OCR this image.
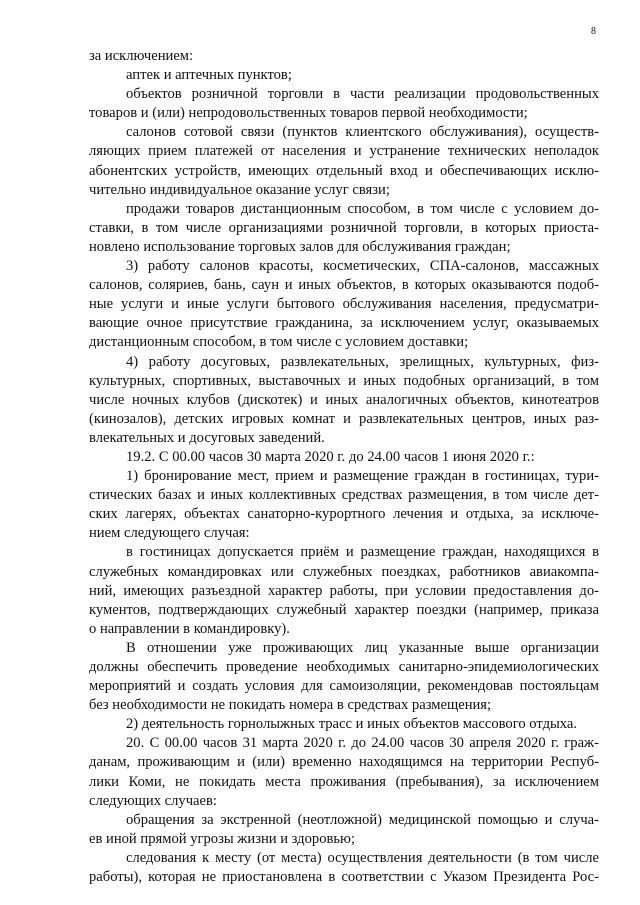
8
за исключением:
аптек и аптечных пунктов;
объектов розничной торговли в части реализации продовольственных
товаров и (или) непродовольственных товаров первой необходимости;
салонов сотовой связи (пунктов клиентского обслуживания), осуществ-
ляющих прием платежей от населения и устранение технических неполадок
абонентских устройств, имеющих отдельный вход и обеспечивающих исклю-
чительно индивидуальное оказание услуг связи;
продажи товаров дистанционным способом, в том числе с условием до-
ставки, в том числе организациями розничной торговли, в которых приоста-
новлено использование торговых залов для обслуживания граждан;
3) работу салонов красоты, косметических, СПА-салонов, массажных
салонов, соляриев, бань, саун и иных объектов, в которых оказываются подоб-
ные услуги и иные услуги бытового обслуживания населения, предусматри-
вающие очное присутствие гражданина, за исключением услуг, оказываемых
дистанционным способом, в том числе с условием доставки;
4) работу досуговых, развлекательных, зрелищных, культурных, физ-
культурных, спортивных, выставочных и иных подобных организаций, в том
числе ночных клубов (дискотек) и иных аналогичных объектов, кинотеатров
(кинозалов), детских игровых комнат и развлекательных центров, иных раз-
влекательных и досуговых заведений.
19.2. С 00.00 часов 30 марта 2020 г. до 24.00 часов 1 июня 2020 г.:
1) бронирование мест, прием и размещение граждан в гостиницах, тури-
стических базах и иных коллективных средствах размещения, в том числе дет-
ских лагерях, объектах санаторно-курортного лечения и отдыха, за исключе-
нием следующего случая:
в гостиницах допускается приём и размещение граждан, находящихся в
служебных командировках или служебных поездках, работников авиакомпа-
ний, имеющих разъездной характер работы, при условии предоставления до-
кументов, подтверждающих служебный характер поездки (например, приказа
о направлении в командировку).
В отношении уже проживающих лиц указанные выше организации
должны обеспечить проведение необходимых санитарно-эпидемиологических
мероприятий и создать условия для самоизоляции, рекомендовав постояльцам
без необходимости не покидать номера в средствах размещения;
2) деятельность горнолыжных трасс и иных объектов массового отдыха.
20. С 00.00 часов 31 марта 2020 г. до 24.00 часов 30 апреля 2020 г. граж-
данам, проживающим и (или) временно находящимся на территории Респуб-
лики Коми, не покидать места проживания (пребывания), за исключением
следующих случаев:
обращения за экстренной (неотложной) медицинской помощью и случа-
ев иной прямой угрозы жизни и здоровью;
следования к месту (от места) осуществления деятельности (в том числе
работы), которая не приостановлена в соответствии с Указом Президента Рос-
